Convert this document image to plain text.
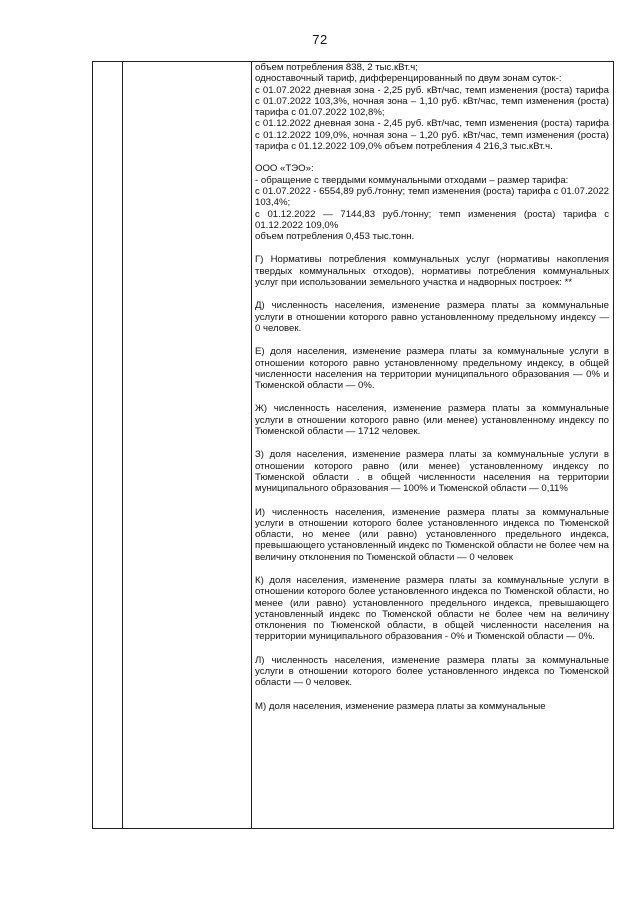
72

объем потребления 838, 2 тыс.кВт.ч;

одноставочный тариф, дифференцированный по двум зонам суток-:

с 01.07.2022 дневная зона - 2,25 руб. кВт/час, темп изменения (роста) тарифа с 01.07.2022 103,3%, ночная зона – 1,10 руб. кВт/час, темп изменения (роста) тарифа с 01.07.2022 102,8%;

с 01.12.2022 дневная зона - 2,45 руб. кВт/час, темп изменения (роста) тарифа с 01.12.2022 109,0%, ночная зона – 1,20 руб. кВт/час, темп изменения (роста) тарифа с 01.12.2022 109,0% объем потребления 4 216,3 тыс.кВт.ч.

ООО «ТЭО»:

- обращение с твердыми коммунальными отходами – размер тарифа:

с 01.07.2022 - 6554,89 руб./тонну; темп изменения (роста) тарифа с 01.07.2022 103,4%;

с 01.12.2022 — 7144,83 руб./тонну; темп изменения (роста) тарифа с 01.12.2022 109,0%

объем потребления 0,453 тыс.тонн.

Г) Нормативы потребления коммунальных услуг (нормативы накопления твердых коммунальных отходов), нормативы потребления коммунальных услуг при использовании земельного участка и надворных построек: **

Д) численность населения, изменение размера платы за коммунальные услуги в отношении которого равно установленному предельному индексу — 0 человек.

Е) доля населения, изменение размера платы за коммунальные услуги в отношении которого равно установленному предельному индексу, в общей численности населения на территории муниципального образования — 0% и Тюменской области — 0%.

Ж) численность населения, изменение размера платы за коммунальные услуги в отношении которого равно (или менее) установленному индексу по Тюменской области — 1712 человек.

З) доля населения, изменение размера платы за коммунальные услуги в отношении которого равно (или менее) установленному индексу по Тюменской области . в общей численности населения на территории муниципального образования — 100% и Тюменской области — 0,11%

И) численность населения, изменение размера платы за коммунальные услуги в отношении которого более установленного индекса по Тюменской области, но менее (или равно) установленного предельного индекса, превышающего установленный индекс по Тюменской области не более чем на величину отклонения по Тюменской области — 0 человек

К) доля населения, изменение размера платы за коммунальные услуги в отношении которого более установленного индекса по Тюменской области, но менее (или равно) установленного предельного индекса, превышающего установленный индекс по Тюменской области не более чем на величину отклонения по Тюменской области, в общей численности населения на территории муниципального образования - 0% и Тюменской области — 0%.

Л) численность населения, изменение размера платы за коммунальные услуги в отношении которого более установленного индекса по Тюменской области — 0 человек.

М) доля населения, изменение размера платы за коммунальные
